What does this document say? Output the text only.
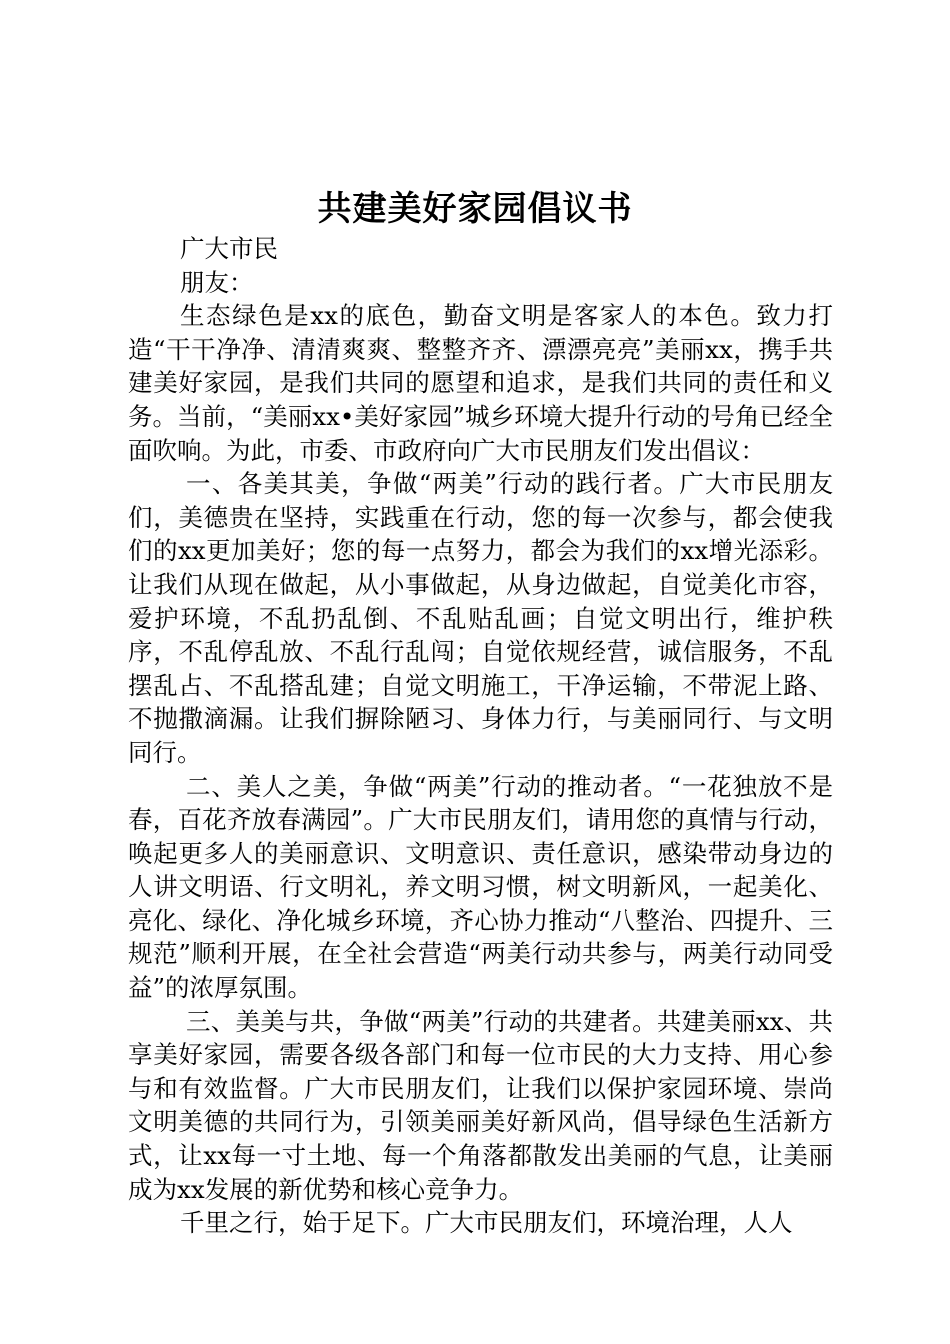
共建美好家园倡议书

广大市民

朋友：

生态绿色是xx的底色，勤奋文明是客家人的本色。致力打造“干干净净、清清爽爽、整整齐齐、漂漂亮亮”美丽xx，携手共建美好家园，是我们共同的愿望和追求，是我们共同的责任和义务。当前，“美丽xx•美好家园”城乡环境大提升行动的号角已经全面吹响。为此，市委、市政府向广大市民朋友们发出倡议：

一、各美其美，争做“两美”行动的践行者。广大市民朋友们，美德贵在坚持，实践重在行动，您的每一次参与，都会使我们的xx更加美好；您的每一点努力，都会为我们的xx增光添彩。让我们从现在做起，从小事做起，从身边做起，自觉美化市容，爱护环境，不乱扔乱倒、不乱贴乱画；自觉文明出行，维护秩序，不乱停乱放、不乱行乱闯；自觉依规经营，诚信服务，不乱摆乱占、不乱搭乱建；自觉文明施工，干净运输，不带泥上路、不抛撒滴漏。让我们摒除陋习、身体力行，与美丽同行、与文明同行。

二、美人之美，争做“两美”行动的推动者。“一花独放不是春，百花齐放春满园”。广大市民朋友们，请用您的真情与行动，唤起更多人的美丽意识、文明意识、责任意识，感染带动身边的人讲文明语、行文明礼，养文明习惯，树文明新风，一起美化、亮化、绿化、净化城乡环境，齐心协力推动“八整治、四提升、三规范”顺利开展，在全社会营造“两美行动共参与，两美行动同受益”的浓厚氛围。

三、美美与共，争做“两美”行动的共建者。共建美丽xx、共享美好家园，需要各级各部门和每一位市民的大力支持、用心参与和有效监督。广大市民朋友们，让我们以保护家园环境、崇尚文明美德的共同行为，引领美丽美好新风尚，倡导绿色生活新方式，让xx每一寸土地、每一个角落都散发出美丽的气息，让美丽成为xx发展的新优势和核心竞争力。

千里之行，始于足下。广大市民朋友们，环境治理，人人
